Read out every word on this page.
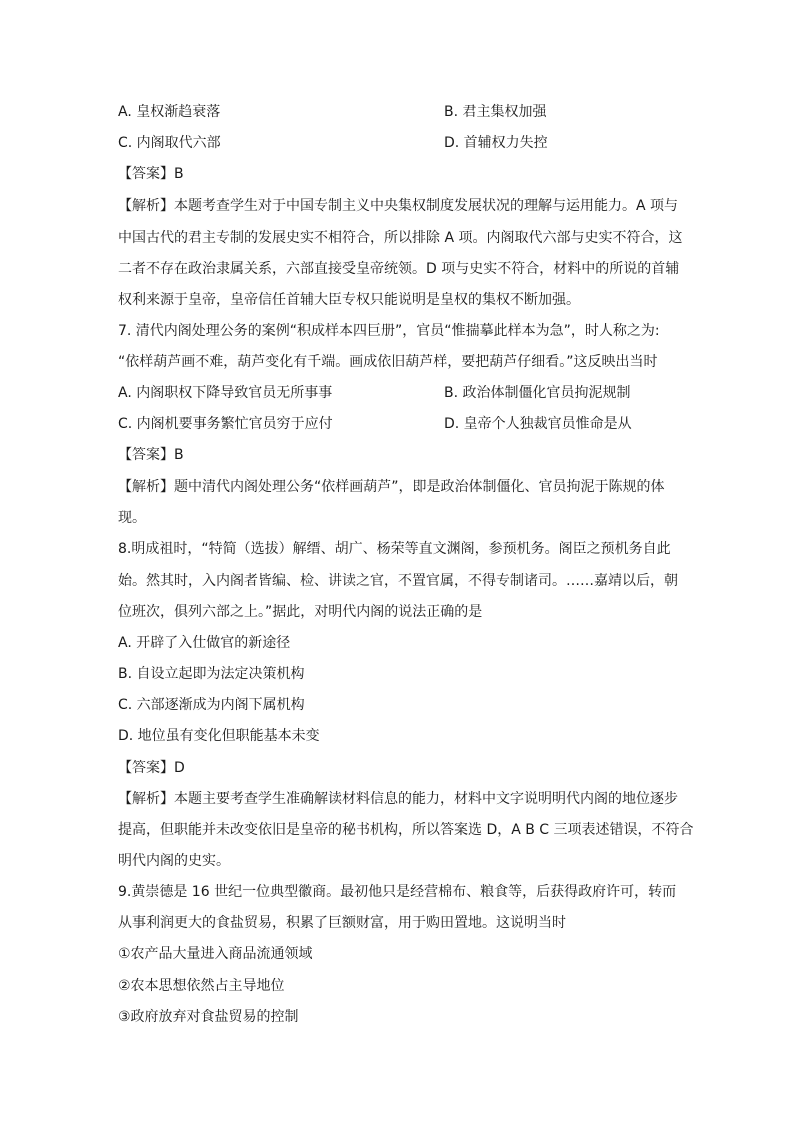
A. 皇权渐趋衰落	B. 君主集权加强
C. 内阁取代六部	D. 首辅权力失控
【答案】B
【解析】本题考查学生对于中国专制主义中央集权制度发展状况的理解与运用能力。A 项与
中国古代的君主专制的发展史实不相符合，所以排除 A 项。内阁取代六部与史实不符合，这
二者不存在政治隶属关系，六部直接受皇帝统领。D 项与史实不符合，材料中的所说的首辅
权利来源于皇帝，皇帝信任首辅大臣专权只能说明是皇权的集权不断加强。
7. 清代内阁处理公务的案例“积成样本四巨册”，官员“惟揣摹此样本为急”，时人称之为:
“依样葫芦画不难，葫芦变化有千端。画成依旧葫芦样，要把葫芦仔细看。”这反映出当时
A. 内阁职权下降导致官员无所事事	B. 政治体制僵化官员拘泥规制
C. 内阁机要事务繁忙官员穷于应付	D. 皇帝个人独裁官员惟命是从
【答案】B
【解析】题中清代内阁处理公务“依样画葫芦”，即是政治体制僵化、官员拘泥于陈规的体
现。
8.明成祖时，“特简（选拔）解缙、胡广、杨荣等直文渊阁，参预机务。阁臣之预机务自此
始。然其时，入内阁者皆编、检、讲读之官，不置官属，不得专制诸司。……嘉靖以后，朝
位班次，俱列六部之上。”据此，对明代内阁的说法正确的是
A. 开辟了入仕做官的新途径
B. 自设立起即为法定决策机构
C. 六部逐渐成为内阁下属机构
D. 地位虽有变化但职能基本未变
【答案】D
【解析】本题主要考查学生准确解读材料信息的能力，材料中文字说明明代内阁的地位逐步
提高，但职能并未改变依旧是皇帝的秘书机构，所以答案选 D，A B C 三项表述错误，不符合
明代内阁的史实。
9.黄崇德是 16 世纪一位典型徽商。最初他只是经营棉布、粮食等，后获得政府许可，转而
从事利润更大的食盐贸易，积累了巨额财富，用于购田置地。这说明当时
①农产品大量进入商品流通领域
②农本思想依然占主导地位
③政府放弃对食盐贸易的控制
